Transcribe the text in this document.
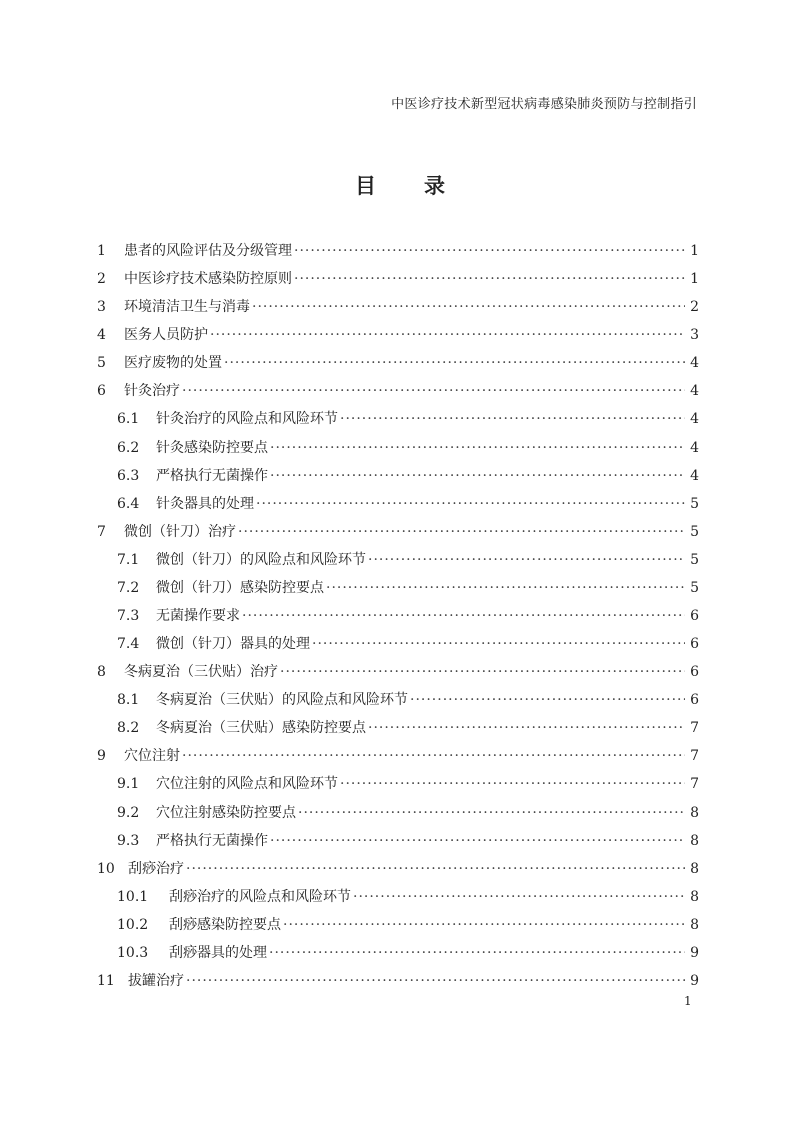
中医诊疗技术新型冠状病毒感染肺炎预防与控制指引
目 录
1	患者的风险评估及分级管理 ·····	1
2	中医诊疗技术感染防控原则 ·····	1
3	环境清洁卫生与消毒 ·····	2
4	医务人员防护 ·····	3
5	医疗废物的处置 ·····	4
6	针灸治疗 ·····	4
6.1	针灸治疗的风险点和风险环节 ·····	4
6.2	针灸感染防控要点 ·····	4
6.3	严格执行无菌操作 ·····	4
6.4	针灸器具的处理 ·····	5
7	微创（针刀）治疗 ·····	5
7.1	微创（针刀）的风险点和风险环节 ·····	5
7.2	微创（针刀）感染防控要点 ·····	5
7.3	无菌操作要求 ·····	6
7.4	微创（针刀）器具的处理 ·····	6
8	冬病夏治（三伏贴）治疗 ·····	6
8.1	冬病夏治（三伏贴）的风险点和风险环节 ·····	6
8.2	冬病夏治（三伏贴）感染防控要点 ·····	7
9	穴位注射 ·····	7
9.1	穴位注射的风险点和风险环节 ·····	7
9.2	穴位注射感染防控要点 ·····	8
9.3	严格执行无菌操作 ·····	8
10 刮痧治疗 ·····	8
10.1	刮痧治疗的风险点和风险环节 ·····	8
10.2	刮痧感染防控要点 ·····	8
10.3	刮痧器具的处理 ·····	9
11 拔罐治疗 ·····	9
1
